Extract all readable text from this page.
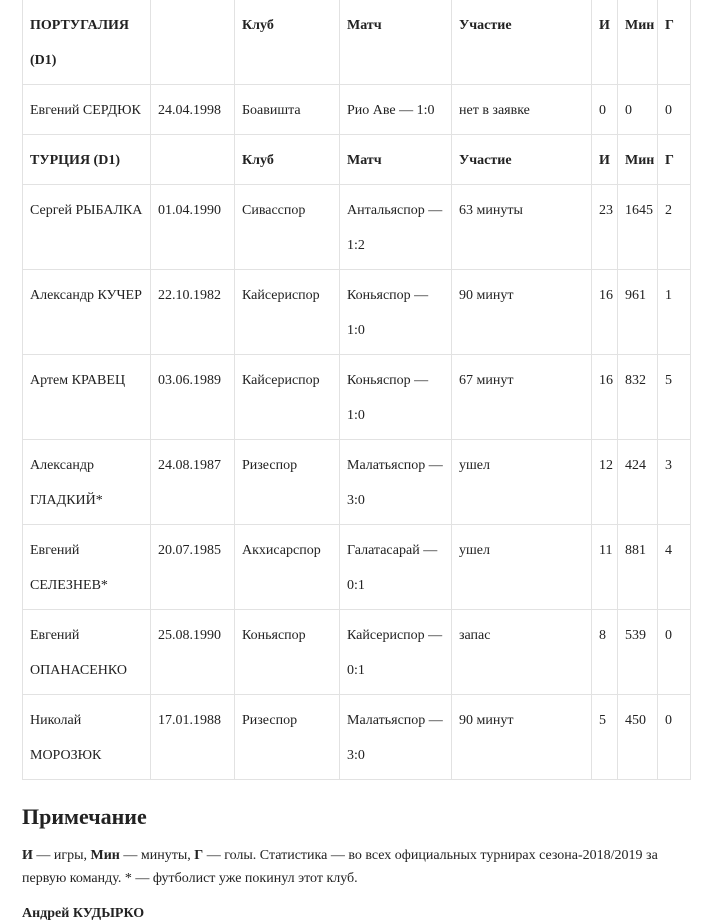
ПОРТУГАЛИЯ (D1)		Клуб	Матч	Участие	И	Мин	Г
Евгений СЕРДЮК	24.04.1998	Боавишта	Рио Аве — 1:0	нет в заявке	0	0	0
ТУРЦИЯ (D1)		Клуб	Матч	Участие	И	Мин	Г
Сергей РЫБАЛКА	01.04.1990	Сивасспор	Антальяспор — 1:2	63 минуты	23	1645	2
Александр КУЧЕР	22.10.1982	Кайсериспор	Коньяспор — 1:0	90 минут	16	961	1
Артем КРАВЕЦ	03.06.1989	Кайсериспор	Коньяспор — 1:0	67 минут	16	832	5
Александр ГЛАДКИЙ*	24.08.1987	Ризеспор	Малатьяспор — 3:0	ушел	12	424	3
Евгений СЕЛЕЗНЕВ*	20.07.1985	Акхисарспор	Галатасарай — 0:1	ушел	11	881	4
Евгений ОПАНАСЕНКО	25.08.1990	Коньяспор	Кайсериспор — 0:1	запас	8	539	0
Николай МОРОЗЮК	17.01.1988	Ризеспор	Малатьяспор — 3:0	90 минут	5	450	0
Примечание

И — игры, Мин — минуты, Г — голы. Статистика — во всех официальных турнирах сезона-2018/2019 за первую команду. * — футболист уже покинул этот клуб.

Андрей КУДЫРКО
